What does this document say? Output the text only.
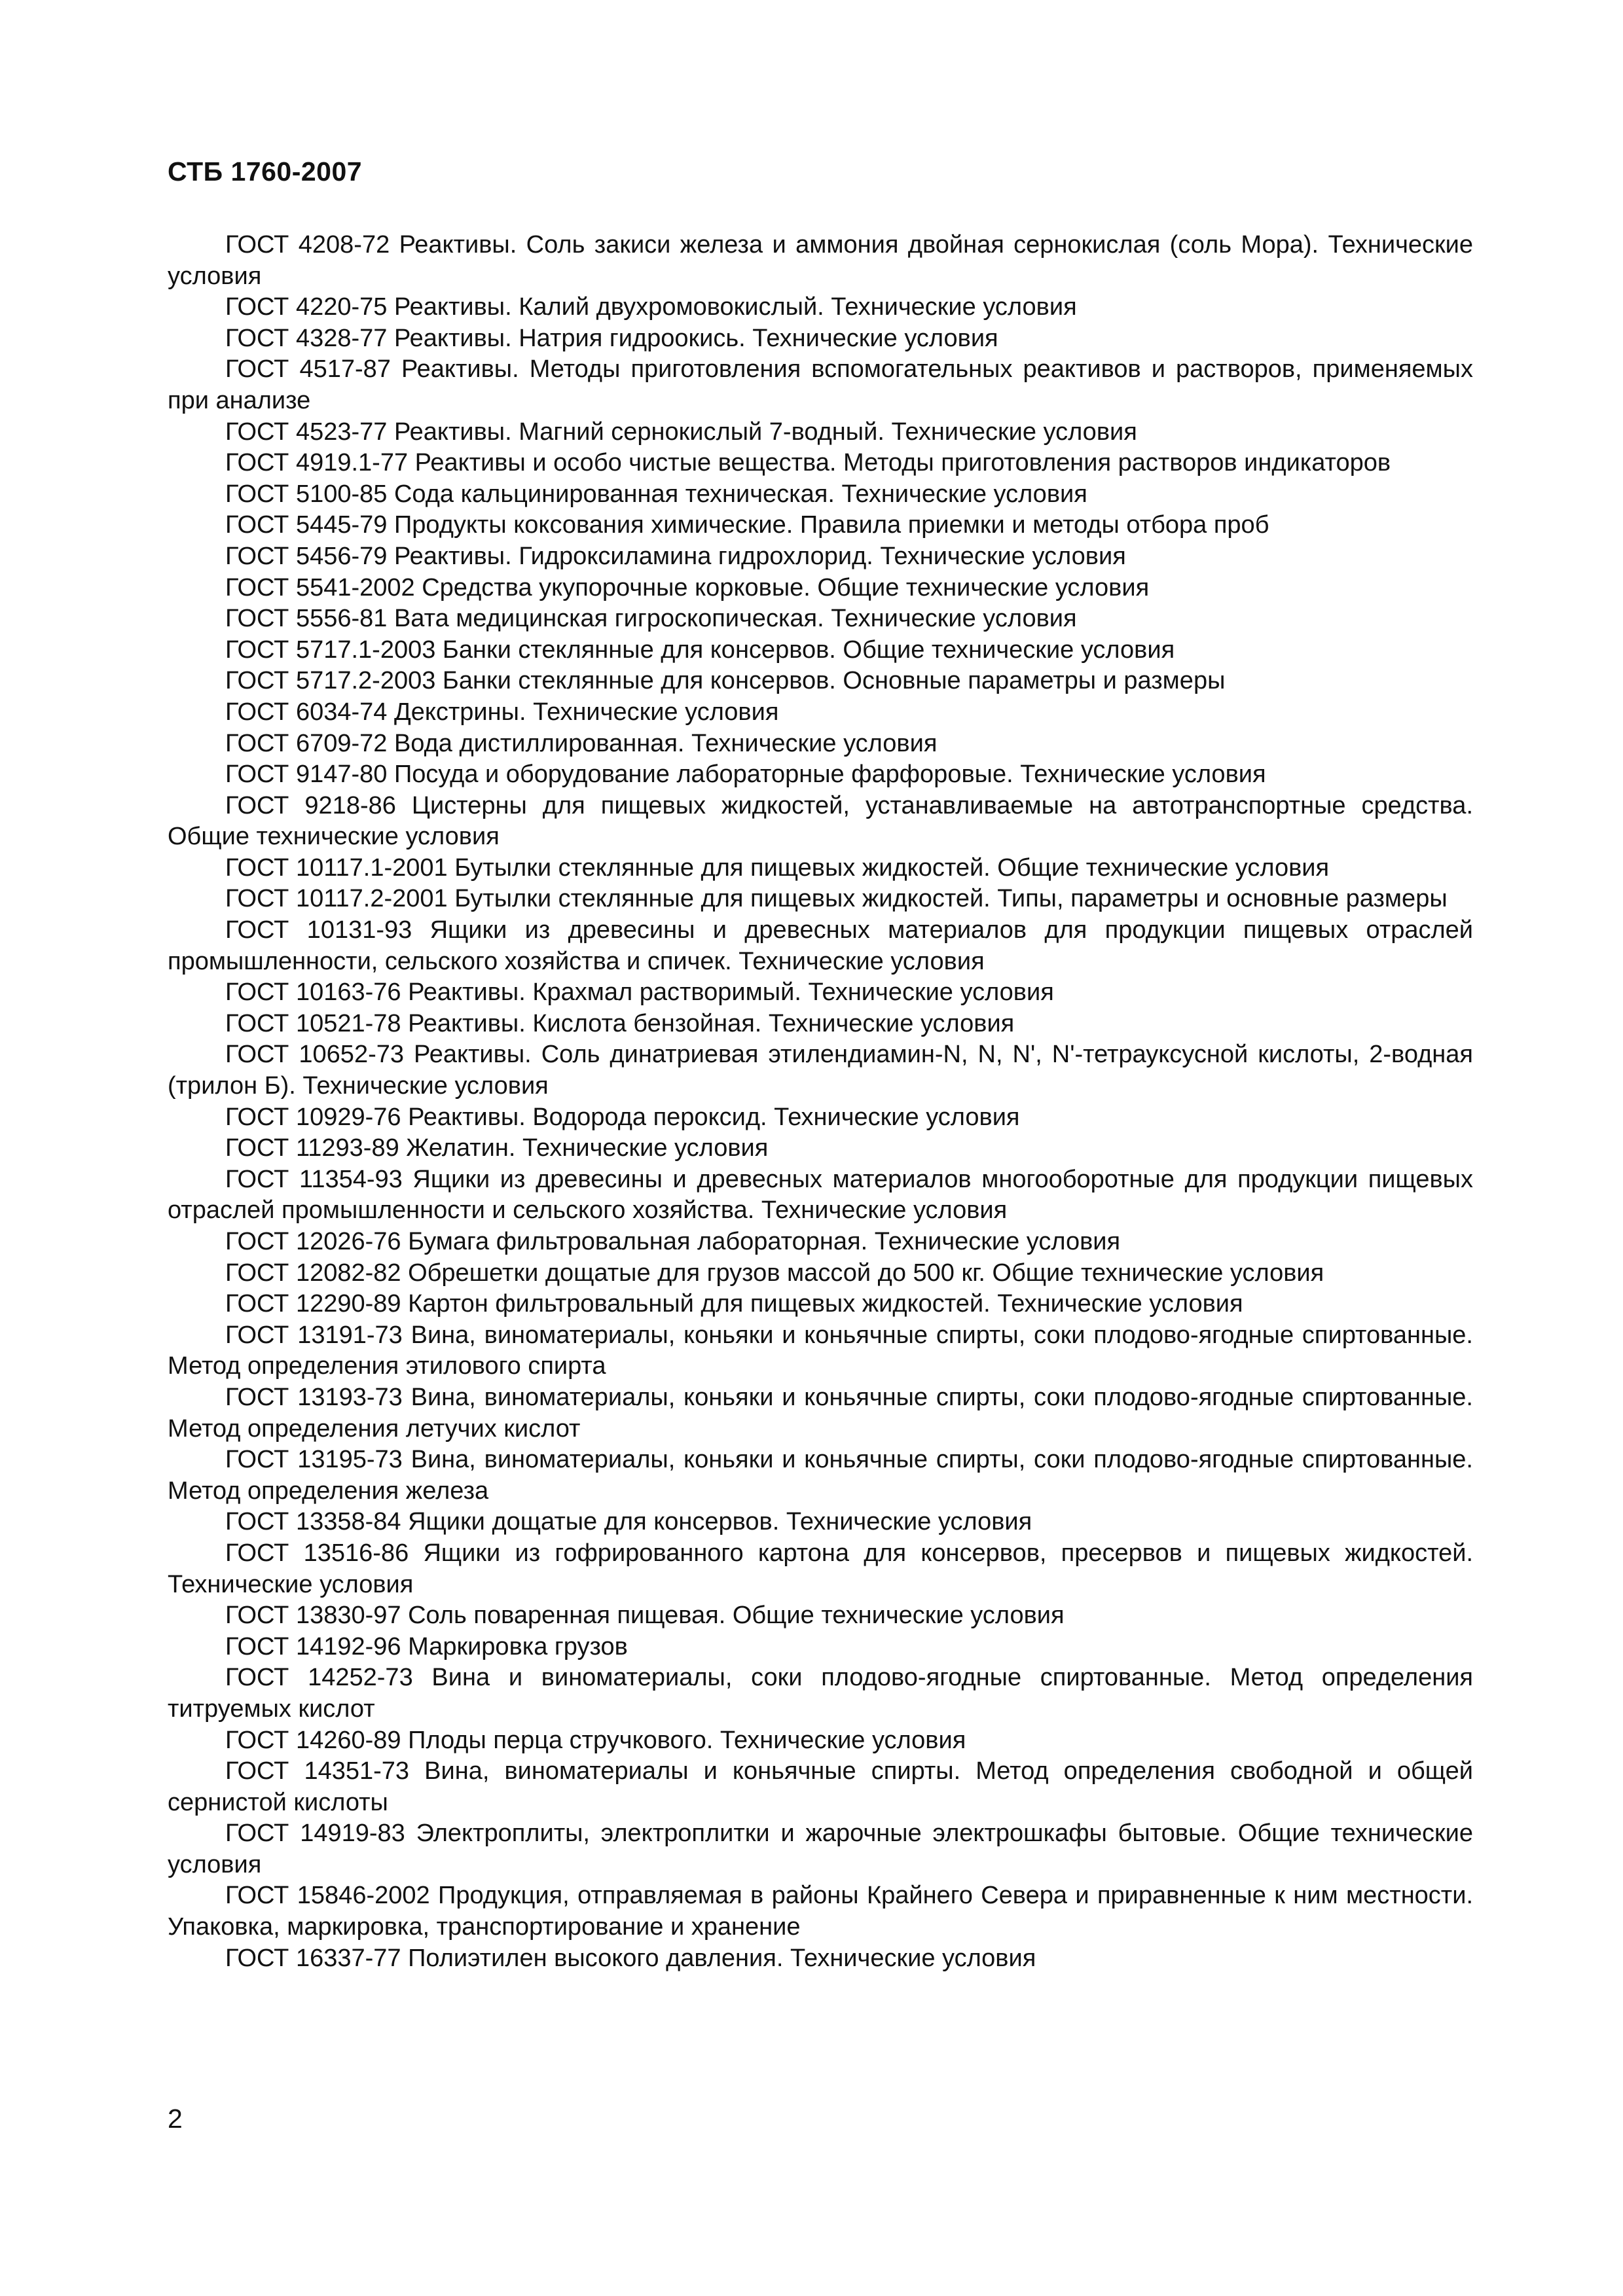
СТБ 1760-2007
ГОСТ 4208-72 Реактивы. Соль закиси железа и аммония двойная сернокислая (соль Мора). Технические условия
ГОСТ 4220-75 Реактивы. Калий двухромовокислый. Технические условия
ГОСТ 4328-77 Реактивы. Натрия гидроокись. Технические условия
ГОСТ 4517-87 Реактивы. Методы приготовления вспомогательных реактивов и растворов, применяемых при анализе
ГОСТ 4523-77 Реактивы. Магний сернокислый 7-водный. Технические условия
ГОСТ 4919.1-77 Реактивы и особо чистые вещества. Методы приготовления растворов индикаторов
ГОСТ 5100-85 Сода кальцинированная техническая. Технические условия
ГОСТ 5445-79 Продукты коксования химические. Правила приемки и методы отбора проб
ГОСТ 5456-79 Реактивы. Гидроксиламина гидрохлорид. Технические условия
ГОСТ 5541-2002 Средства укупорочные корковые. Общие технические условия
ГОСТ 5556-81 Вата медицинская гигроскопическая. Технические условия
ГОСТ 5717.1-2003 Банки стеклянные для консервов. Общие технические условия
ГОСТ 5717.2-2003 Банки стеклянные для консервов. Основные параметры и размеры
ГОСТ 6034-74 Декстрины. Технические условия
ГОСТ 6709-72 Вода дистиллированная. Технические условия
ГОСТ 9147-80 Посуда и оборудование лабораторные фарфоровые. Технические условия
ГОСТ 9218-86 Цистерны для пищевых жидкостей, устанавливаемые на автотранспортные средства. Общие технические условия
ГОСТ 10117.1-2001 Бутылки стеклянные для пищевых жидкостей. Общие технические условия
ГОСТ 10117.2-2001 Бутылки стеклянные для пищевых жидкостей. Типы, параметры и основные размеры
ГОСТ 10131-93 Ящики из древесины и древесных материалов для продукции пищевых отраслей промышленности, сельского хозяйства и спичек. Технические условия
ГОСТ 10163-76 Реактивы. Крахмал растворимый. Технические условия
ГОСТ 10521-78 Реактивы. Кислота бензойная. Технические условия
ГОСТ 10652-73 Реактивы. Соль динатриевая этилендиамин-N, N, N', N'-тетрауксусной кислоты, 2-водная (трилон Б). Технические условия
ГОСТ 10929-76 Реактивы. Водорода пероксид. Технические условия
ГОСТ 11293-89 Желатин. Технические условия
ГОСТ 11354-93 Ящики из древесины и древесных материалов многооборотные для продукции пищевых отраслей промышленности и сельского хозяйства. Технические условия
ГОСТ 12026-76 Бумага фильтровальная лабораторная. Технические условия
ГОСТ 12082-82 Обрешетки дощатые для грузов массой до 500 кг. Общие технические условия
ГОСТ 12290-89 Картон фильтровальный для пищевых жидкостей. Технические условия
ГОСТ 13191-73 Вина, виноматериалы, коньяки и коньячные спирты, соки плодово-ягодные спиртованные. Метод определения этилового спирта
ГОСТ 13193-73 Вина, виноматериалы, коньяки и коньячные спирты, соки плодово-ягодные спиртованные. Метод определения летучих кислот
ГОСТ 13195-73 Вина, виноматериалы, коньяки и коньячные спирты, соки плодово-ягодные спиртованные. Метод определения железа
ГОСТ 13358-84 Ящики дощатые для консервов. Технические условия
ГОСТ 13516-86 Ящики из гофрированного картона для консервов, пресервов и пищевых жидкостей. Технические условия
ГОСТ 13830-97 Соль поваренная пищевая. Общие технические условия
ГОСТ 14192-96 Маркировка грузов
ГОСТ 14252-73 Вина и виноматериалы, соки плодово-ягодные спиртованные. Метод определения титруемых кислот
ГОСТ 14260-89 Плоды перца стручкового. Технические условия
ГОСТ 14351-73 Вина, виноматериалы и коньячные спирты. Метод определения свободной и общей сернистой кислоты
ГОСТ 14919-83 Электроплиты, электроплитки и жарочные электрошкафы бытовые. Общие технические условия
ГОСТ 15846-2002 Продукция, отправляемая в районы Крайнего Севера и приравненные к ним местности. Упаковка, маркировка, транспортирование и хранение
ГОСТ 16337-77 Полиэтилен высокого давления. Технические условия
2
